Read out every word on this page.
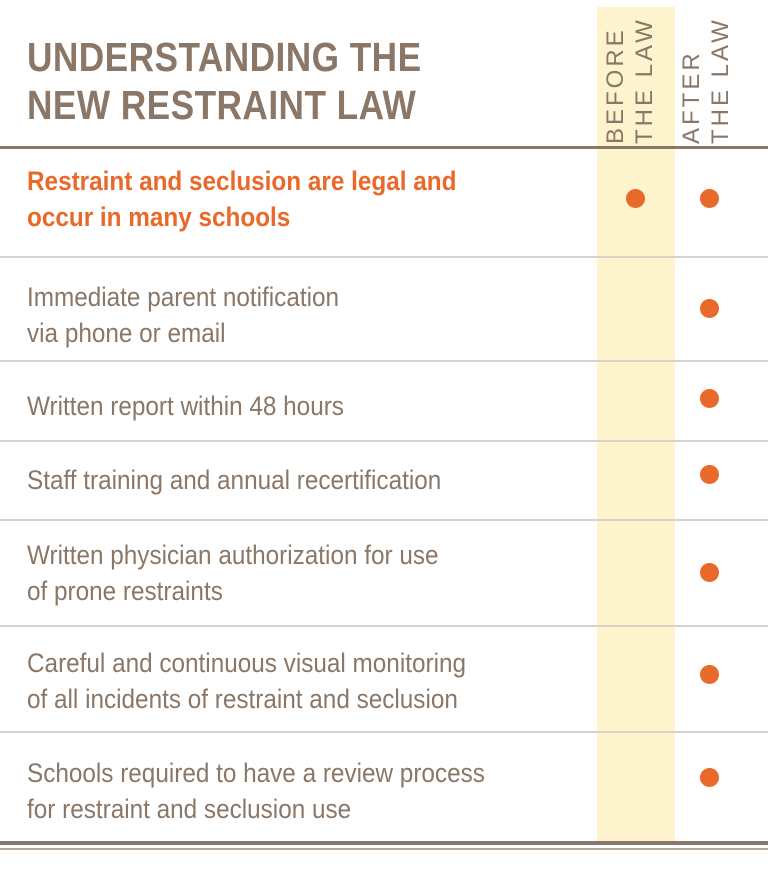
UNDERSTANDING THE NEW RESTRAINT LAW	BEFORE THE LAW AFTER THE LAW
Restraint and seclusion are legal and
occur in many schools
Immediate parent notification
via phone or email
Written report within 48 hours
Staff training and annual recertification
Written physician authorization for use
of prone restraints
Careful and continuous visual monitoring
of all incidents of restraint and seclusion
Schools required to have a review process
for restraint and seclusion use
